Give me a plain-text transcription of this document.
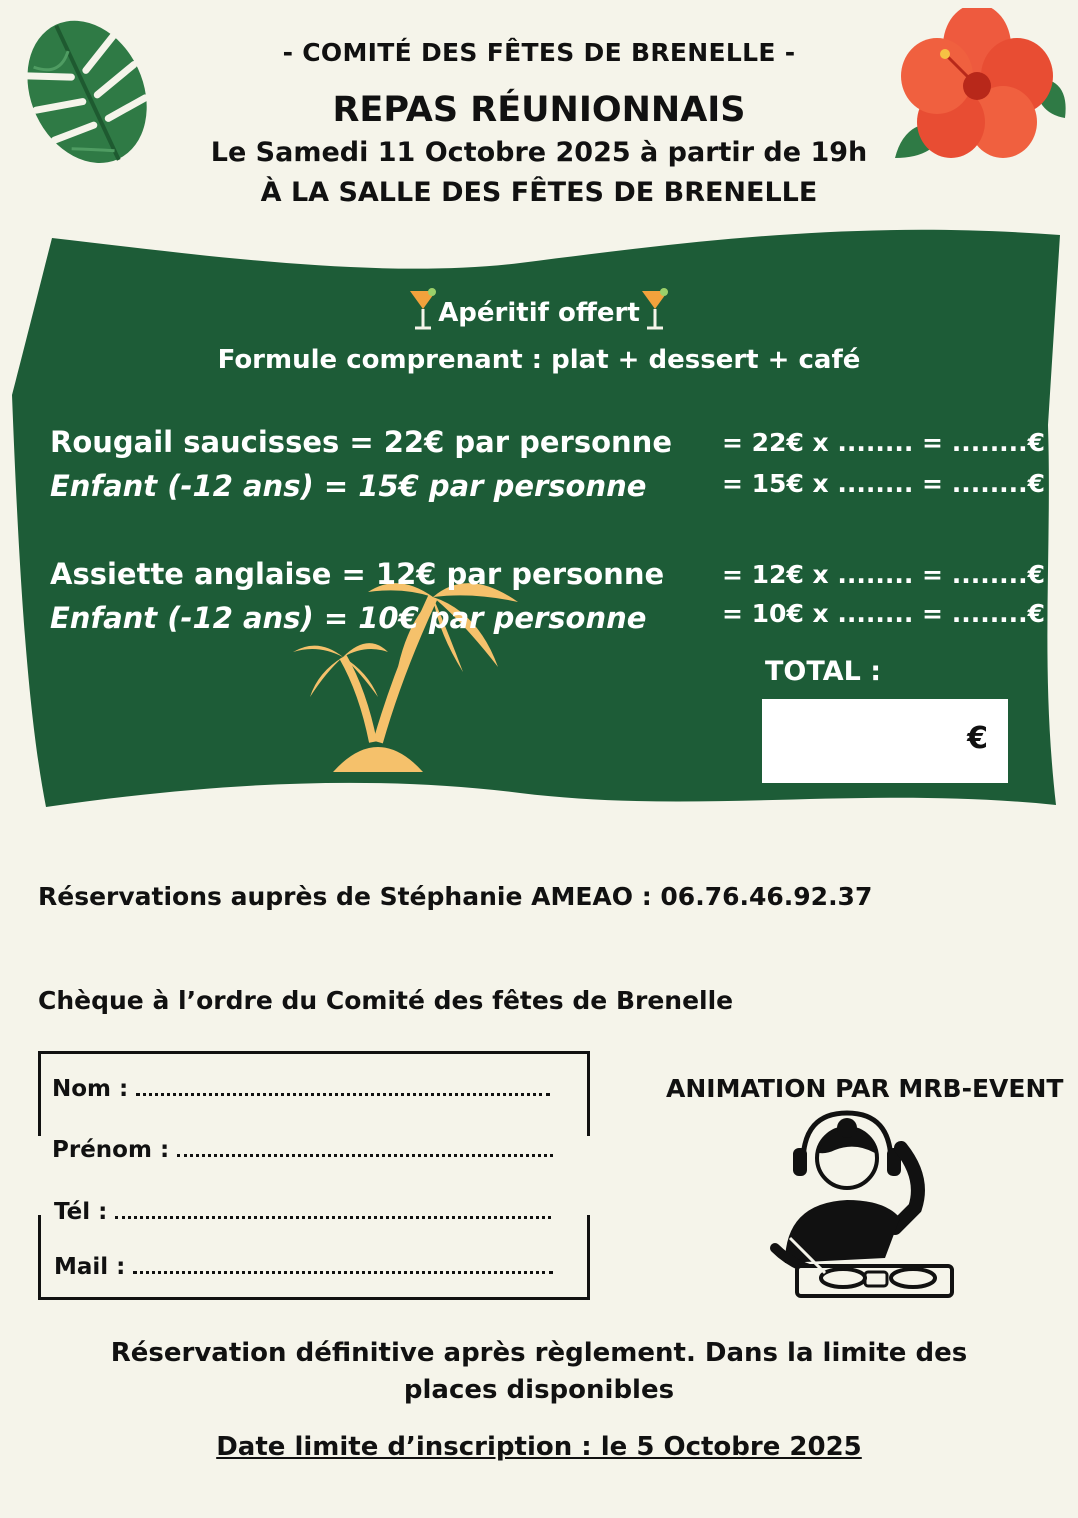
- COMITÉ DES FÊTES DE BRENELLE -
REPAS RÉUNIONNAIS
Le Samedi 11 Octobre 2025 à partir de 19h
À LA SALLE DES FÊTES DE BRENELLE
Apéritif offert
Formule comprenant : plat + dessert + café
Rougail saucisses = 22€ par personne
Enfant (-12 ans) = 15€ par personne
Assiette anglaise = 12€ par personne
Enfant (-12 ans) = 10€ par personne
= 22€ x ........ = ........€
= 15€ x ........ = ........€
= 12€ x ........ = ........€
= 10€ x ........ = ........€
TOTAL :
€
Réservations auprès de Stéphanie AMEAO : 06.76.46.92.37
Chèque à l’ordre du Comité des fêtes de Brenelle
Nom :
Prénom :
Tél :
Mail :
ANIMATION PAR MRB-EVENT
Réservation définitive après règlement. Dans la limite des
places disponibles
Date limite d’inscription : le 5 Octobre 2025
